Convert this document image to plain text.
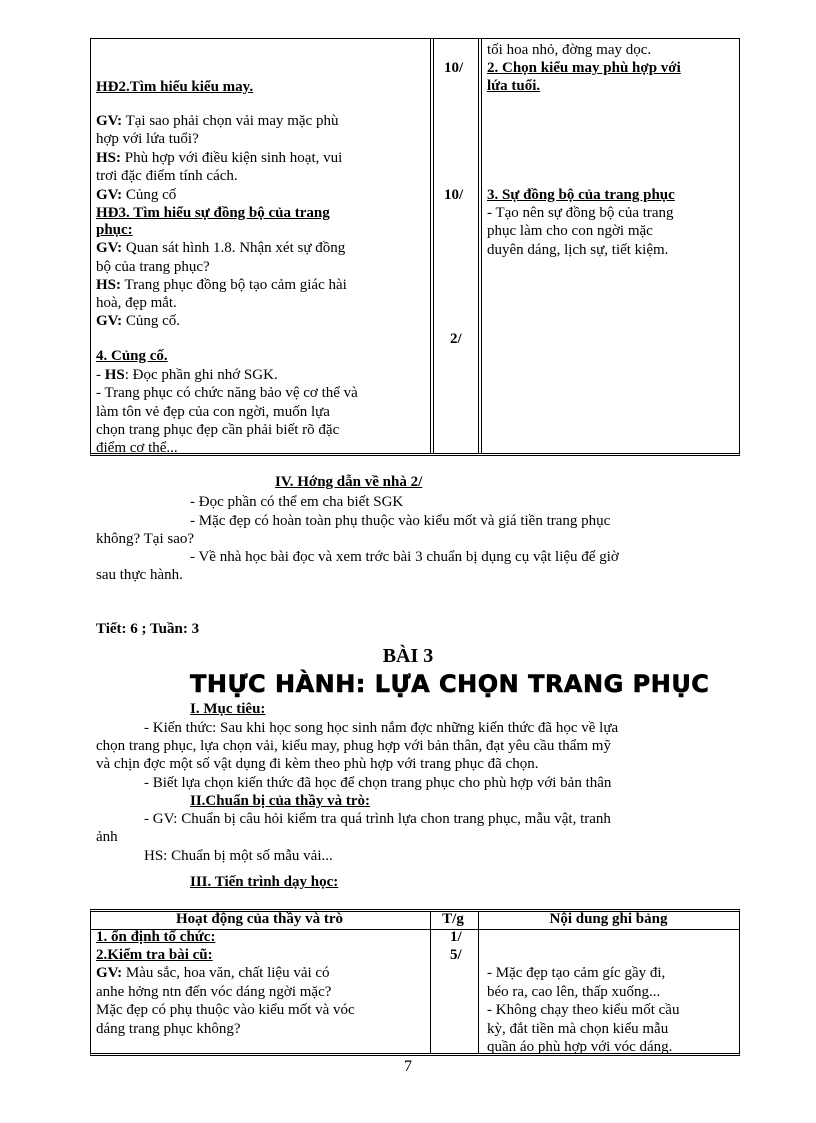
HĐ2.Tìm hiểu kiểu may.
GV: Tại sao phải chọn vải may mặc phù
hợp với lứa tuổi?
HS: Phù hợp với điều kiện sinh hoạt, vui
trơi đặc điểm tính cách.
GV: Củng cố
HĐ3. Tìm hiểu sự đồng bộ của trang
phục:
GV: Quan sát hình 1.8. Nhận xét sự đồng
bộ của trang phục?
HS: Trang phục đồng bộ tạo cảm giác hài
hoà, đẹp mắt.
GV: Củng cố.
4. Củng cố.
- HS: Đọc phần ghi nhớ SGK.
- Trang phục có chức năng bảo vệ cơ thể và
làm tôn vẻ đẹp của con ngời, muốn lựa
chọn trang phục đẹp cần phải biết rõ đặc
điểm cơ thể...
10/
10/
2/
tối hoa nhỏ, đờng may dọc.
2. Chọn kiểu may phù hợp với
lứa tuổi.
3. Sự đồng bộ của trang phục
- Tạo nên sự đồng bộ của trang
phục làm cho con ngời mặc
duyên dáng, lịch sự, tiết kiệm.
IV. Hớng dẫn về nhà 2/
- Đọc phần có thể em cha biết SGK
- Mặc đẹp có hoàn toàn phụ thuộc vào kiểu mốt và giá tiền trang phục
không? Tại sao?
- Về nhà học bài đọc và xem trớc bài 3 chuẩn bị dụng cụ vật liệu để giờ
sau thực hành.
Tiết: 6 ; Tuần: 3
BÀI 3
THỰC HÀNH: LỰA CHỌN TRANG PHỤC
I. Mục tiêu:
- Kiến thức: Sau khi học song học sinh nắm đợc những kiến thức đã học về lựa
chọn trang phục, lựa chọn vải, kiểu may, phug hợp với bản thân, đạt yêu cầu thẩm mỹ
và chịn đợc một số vật dụng đi kèm theo phù hợp với trang phục đã chọn.
- Biết lựa chọn kiến thức đã học để chọn trang phục cho phù hợp với bản thân
II.Chuẩn bị của thầy và trò:
- GV: Chuẩn bị câu hỏi kiểm tra quá trình lựa chon trang phục, mẫu vật, tranh
ảnh
HS: Chuẩn bị một số mẫu vải...
III. Tiến trình dạy học:
Hoạt động của thầy và trò	T/g	Nội dung ghi bảng
1. ổn định tổ chức:
2.Kiểm tra bài cũ:
GV: Màu sắc, hoa văn, chất liệu vải có
anhe hởng ntn đến vóc dáng ngời mặc?
Mặc đẹp có phụ thuộc vào kiểu mốt và vóc
dáng trang phục không?
1/
5/
- Mặc đẹp tạo cảm gíc gầy đi,
béo ra, cao lên, thấp xuống...
- Không chạy theo kiểu mốt cầu
kỳ, đắt tiền mà chọn kiểu mẫu
quần áo phù hợp với vóc dáng.
7
